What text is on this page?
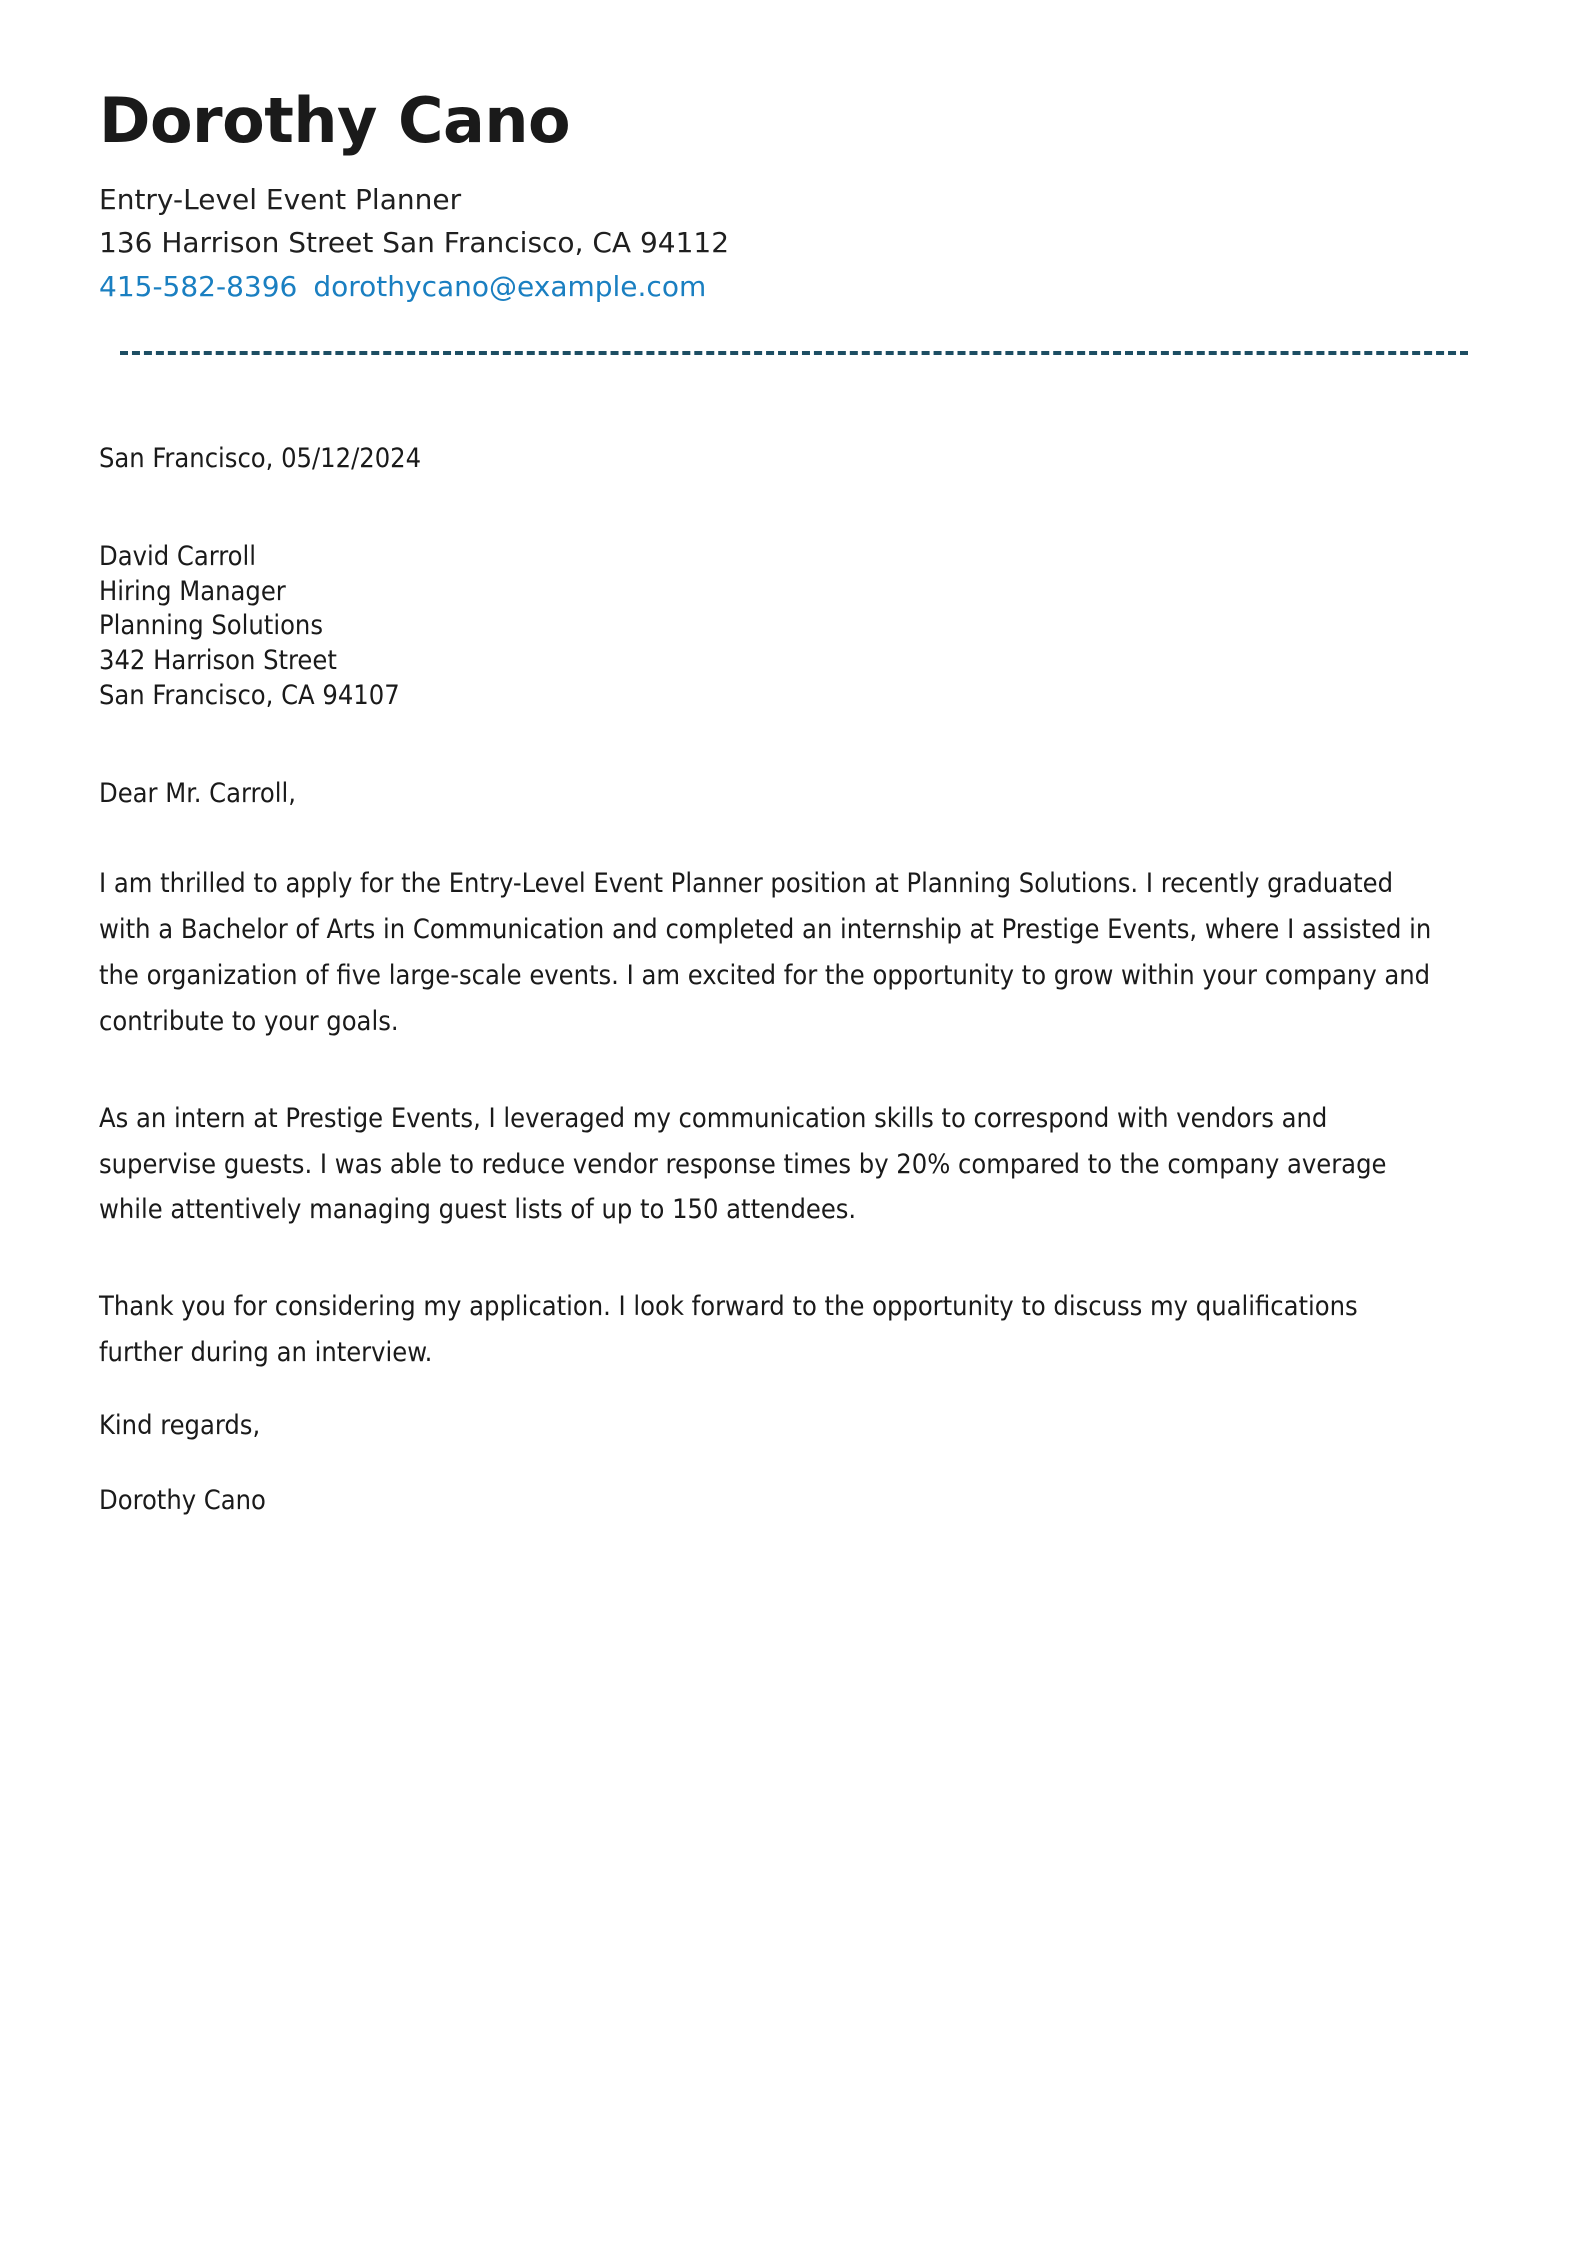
Dorothy Cano

Entry-Level Event Planner

136 Harrison Street San Francisco, CA 94112

415-582-8396 dorothycano@example.com

San Francisco, 05/12/2024

David Carroll

Hiring Manager

Planning Solutions

342 Harrison Street

San Francisco, CA 94107

Dear Mr. Carroll,

I am thrilled to apply for the Entry-Level Event Planner position at Planning Solutions. I recently graduated with a Bachelor of Arts in Communication and completed an internship at Prestige Events, where I assisted in the organization of five large-scale events. I am excited for the opportunity to grow within your company and contribute to your goals.

As an intern at Prestige Events, I leveraged my communication skills to correspond with vendors and supervise guests. I was able to reduce vendor response times by 20% compared to the company average while attentively managing guest lists of up to 150 attendees.

Thank you for considering my application. I look forward to the opportunity to discuss my qualifications further during an interview.

Kind regards,

Dorothy Cano
